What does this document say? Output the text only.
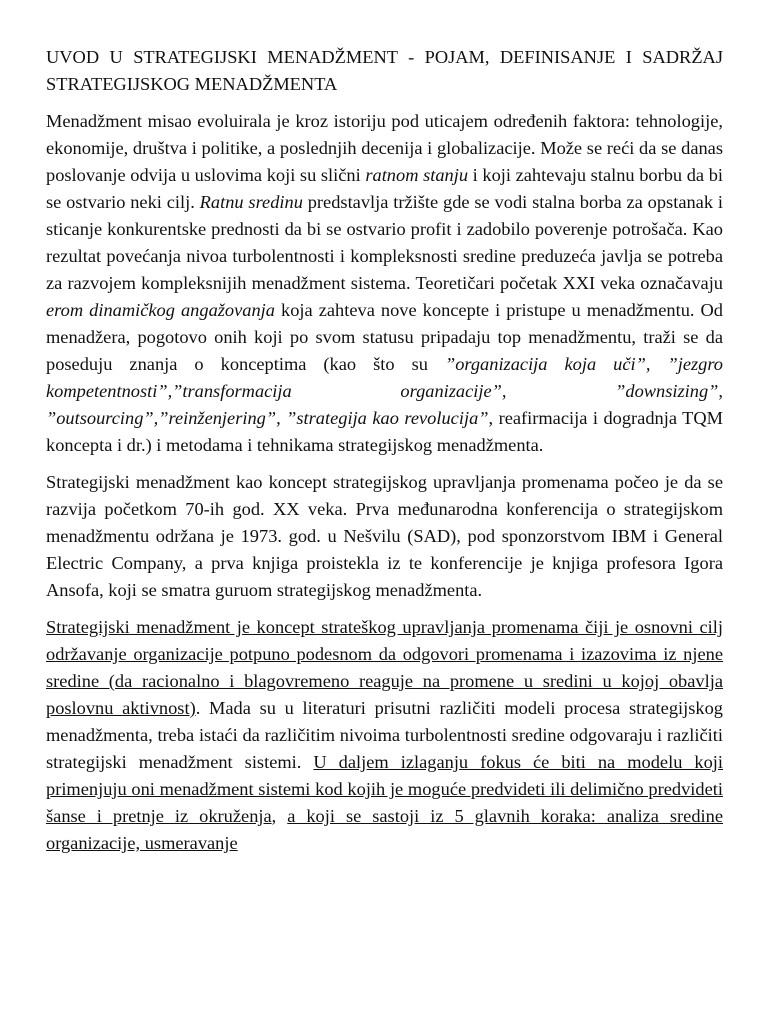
UVOD U STRATEGIJSKI MENADŽMENT - POJAM, DEFINISANJE I SADRŽAJ STRATEGIJSKOG MENADŽMENTA

Menadžment misao evoluirala je kroz istoriju pod uticajem određenih faktora: tehnologije, ekonomije, društva i politike, a poslednjih decenija i globalizacije. Može se reći da se danas poslovanje odvija u uslovima koji su slični ratnom stanju i koji zahtevaju stalnu borbu da bi se ostvario neki cilj. Ratnu sredinu predstavlja tržište gde se vodi stalna borba za opstanak i sticanje konkurentske prednosti da bi se ostvario profit i zadobilo poverenje potrošača. Kao rezultat povećanja nivoa turbolentnosti i kompleksnosti sredine preduzeća javlja se potreba za razvojem kompleksnijih menadžment sistema. Teoretičari početak XXI veka označavaju erom dinamičkog angažovanja koja zahteva nove koncepte i pristupe u menadžmentu. Od menadžera, pogotovo onih koji po svom statusu pripadaju top menadžmentu, traži se da poseduju znanja o konceptima (kao što su ”organizacija koja uči”, ”jezgro kompetentnosti”,”transformacija organizacije”, ”downsizing”, ”outsourcing”,”reinženjering”, ”strategija kao revolucija”, reafirmacija i dogradnja TQM koncepta i dr.) i metodama i tehnikama strategijskog menadžmenta.

Strategijski menadžment kao koncept strategijskog upravljanja promenama počeo je da se razvija početkom 70-ih god. XX veka. Prva međunarodna konferencija o strategijskom menadžmentu održana je 1973. god. u Nešvilu (SAD), pod sponzorstvom IBM i General Electric Company, a prva knjiga proistekla iz te konferencije je knjiga profesora Igora Ansofa, koji se smatra guruom strategijskog menadžmenta.

Strategijski menadžment je koncept strateškog upravljanja promenama čiji je osnovni cilj održavanje organizacije potpuno podesnom da odgovori promenama i izazovima iz njene sredine (da racionalno i blagovremeno reaguje na promene u sredini u kojoj obavlja poslovnu aktivnost). Mada su u literaturi prisutni različiti modeli procesa strategijskog menadžmenta, treba istaći da različitim nivoima turbolentnosti sredine odgovaraju i različiti strategijski menadžment sistemi. U daljem izlaganju fokus će biti na modelu koji primenjuju oni menadžment sistemi kod kojih je moguće predvideti ili delimično predvideti šanse i pretnje iz okruženja, a koji se sastoji iz 5 glavnih koraka: analiza sredine organizacije, usmeravanje
